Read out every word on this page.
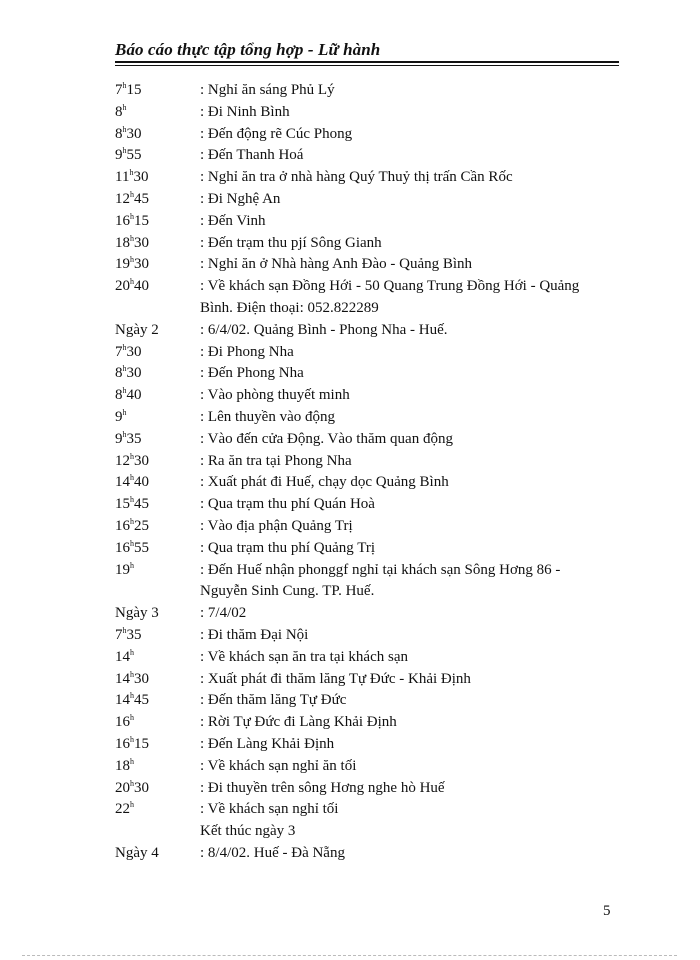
Báo cáo thực tập tổng hợp - Lữ hành
7$^h$15	: Nghỉ ăn sáng Phủ Lý
8$^h$	: Đi Ninh Bình
8$^h$30	: Đến động rẽ Cúc Phong
9$^h$55	: Đến Thanh Hoá
11$^h$30	: Nghỉ ăn tra ở nhà hàng Quý Thuỷ thị trấn Cần Rốc
12$^h$45	: Đi Nghệ An
16$^h$15	: Đến Vinh
18$^h$30	: Đến trạm thu pjí Sông Gianh
19$^h$30	: Nghỉ ăn ở Nhà hàng Anh Đào - Quảng Bình
20$^h$40	: Về khách sạn Đồng Hới - 50 Quang Trung Đồng Hới - Quảng
Bình. Điện thoại: 052.822289
Ngày 2	: 6/4/02. Quảng Bình - Phong Nha - Huế.
7$^h$30	: Đi Phong Nha
8$^h$30	: Đến Phong Nha
8$^h$40	: Vào phòng thuyết minh
9$^h$	: Lên thuyền vào động
9$^h$35	: Vào đến cửa Động. Vào thăm quan động
12$^h$30	: Ra ăn tra tại Phong Nha
14$^h$40	: Xuất phát đi Huế, chạy dọc Quảng Bình
15$^h$45	: Qua trạm thu phí Quán Hoà
16$^h$25	: Vào địa phận Quảng Trị
16$^h$55	: Qua trạm thu phí Quảng Trị
19$^h$	: Đến Huế nhận phonggf nghỉ tại khách sạn Sông Hơng 86 -
Nguyễn Sinh Cung. TP. Huế.
Ngày 3	: 7/4/02
7$^h$35	: Đi thăm Đại Nội
14$^h$	: Về khách sạn ăn tra tại khách sạn
14$^h$30	: Xuất phát đi thăm lăng Tự Đức - Khải Định
14$^h$45	: Đến thăm lăng Tự Đức
16$^h$	: Rời Tự Đức đi Làng Khải Định
16$^h$15	: Đến Làng Khải Định
18$^h$	: Về khách sạn nghỉ ăn tối
20$^h$30	: Đi thuyền trên sông Hơng nghe hò Huế
22$^h$	: Về khách sạn nghỉ tối
Kết thúc ngày 3
Ngày 4	: 8/4/02. Huế - Đà Nẵng
5
